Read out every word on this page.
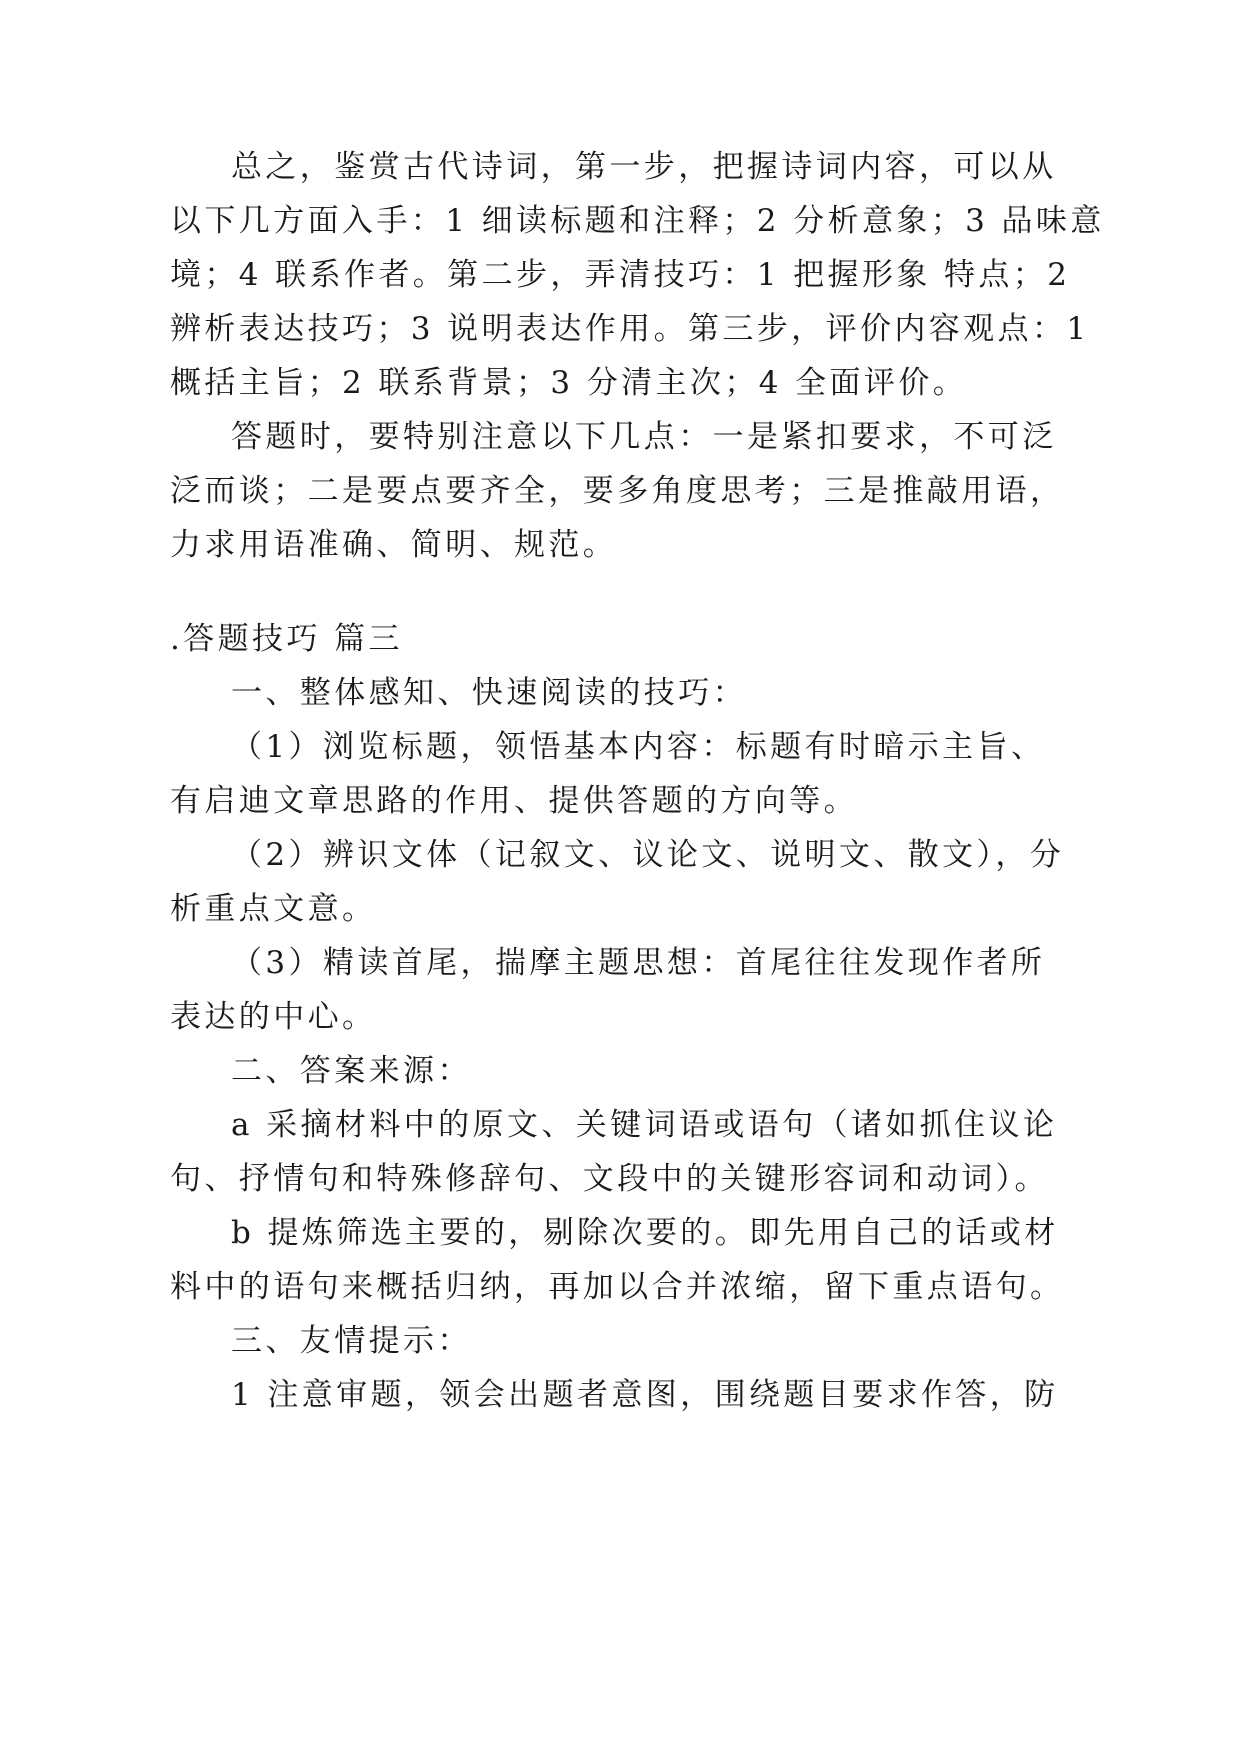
总之，鉴赏古代诗词，第一步，把握诗词内容，可以从

以下几方面入手：1 细读标题和注释；2 分析意象；3 品味意

境；4 联系作者。第二步，弄清技巧：1 把握形象 特点；2

辨析表达技巧；3 说明表达作用。第三步，评价内容观点：1

概括主旨；2 联系背景；3 分清主次；4 全面评价。

答题时，要特别注意以下几点：一是紧扣要求，不可泛

泛而谈；二是要点要齐全，要多角度思考；三是推敲用语，

力求用语准确、简明、规范。

.答题技巧 篇三

一、整体感知、快速阅读的技巧：

（1）浏览标题，领悟基本内容：标题有时暗示主旨、

有启迪文章思路的作用、提供答题的方向等。

（2）辨识文体（记叙文、议论文、说明文、散文），分

析重点文意。

（3）精读首尾，揣摩主题思想：首尾往往发现作者所

表达的中心。

二、答案来源：

a 采摘材料中的原文、关键词语或语句（诸如抓住议论

句、抒情句和特殊修辞句、文段中的关键形容词和动词）。

b 提炼筛选主要的，剔除次要的。即先用自己的话或材

料中的语句来概括归纳，再加以合并浓缩，留下重点语句。

三、友情提示：

1 注意审题，领会出题者意图，围绕题目要求作答，防
